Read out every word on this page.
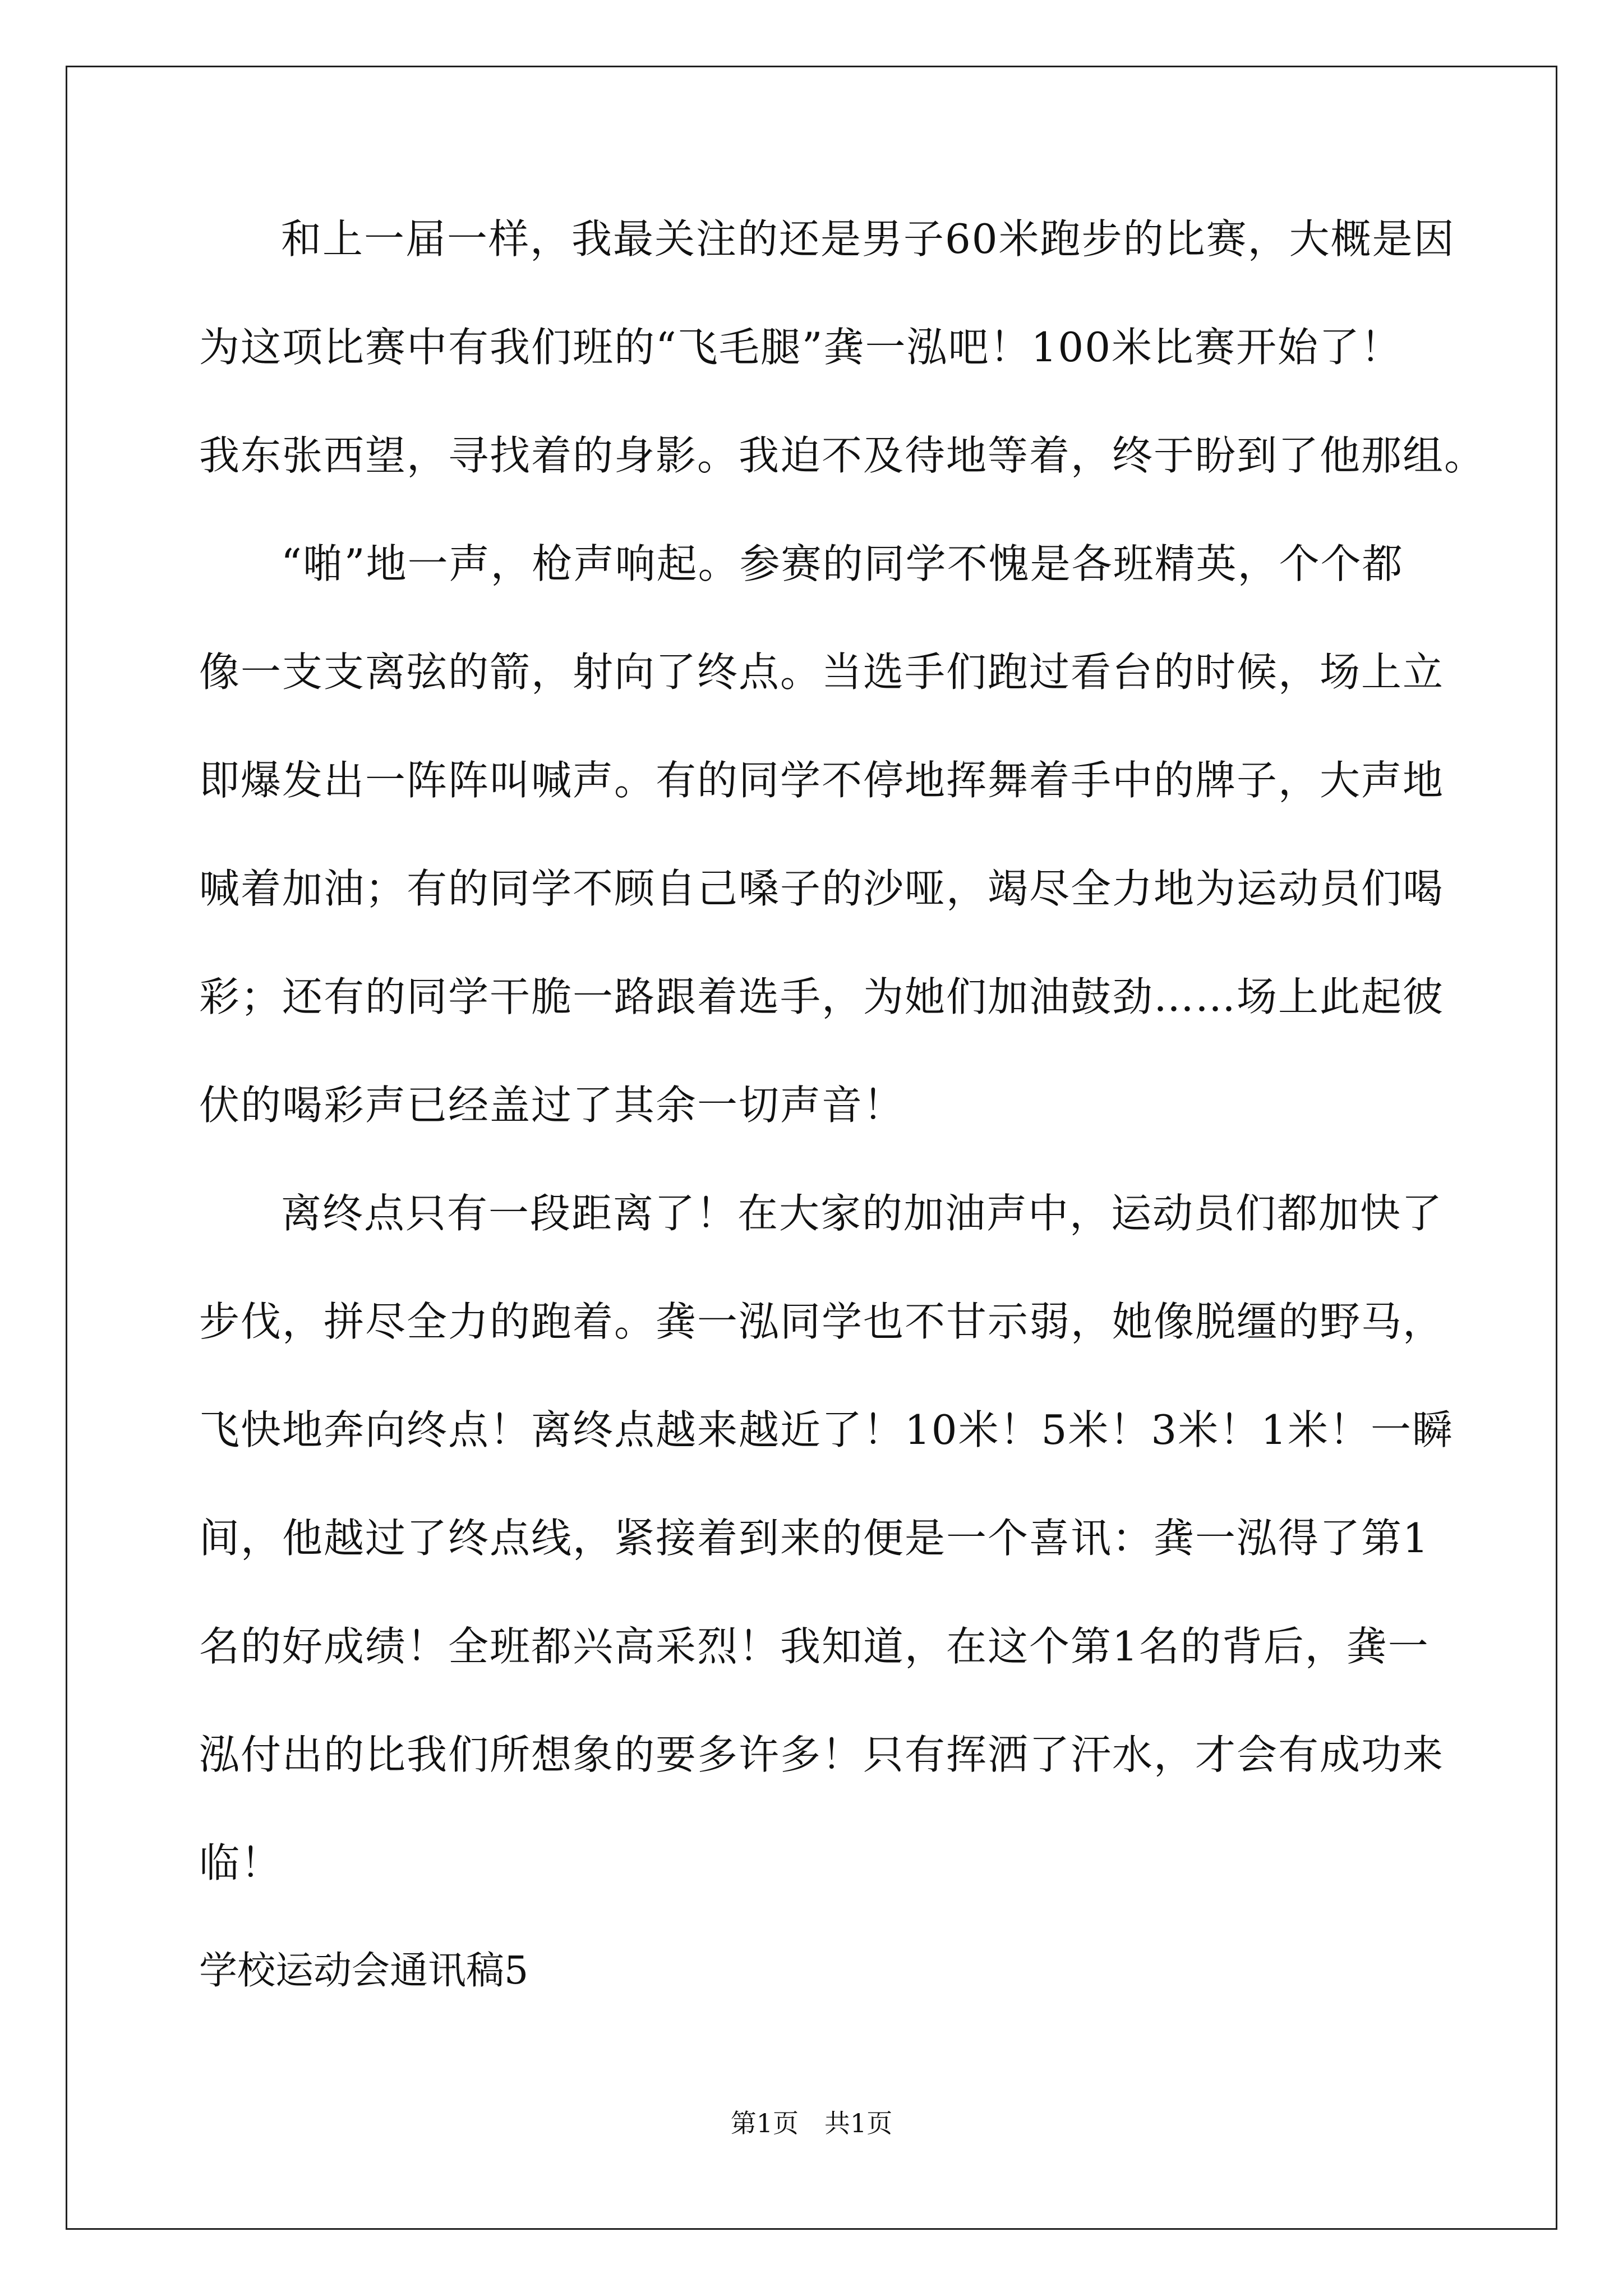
和上一届一样，我最关注的还是男子60米跑步的比赛，大概是因
为这项比赛中有我们班的“飞毛腿”龚一泓吧！100米比赛开始了！
我东张西望，寻找着的身影。我迫不及待地等着，终于盼到了他那组。
“啪”地一声，枪声响起。参赛的同学不愧是各班精英，个个都
像一支支离弦的箭，射向了终点。当选手们跑过看台的时候，场上立
即爆发出一阵阵叫喊声。有的同学不停地挥舞着手中的牌子，大声地
喊着加油；有的同学不顾自己嗓子的沙哑，竭尽全力地为运动员们喝
彩；还有的同学干脆一路跟着选手，为她们加油鼓劲……场上此起彼
伏的喝彩声已经盖过了其余一切声音！
离终点只有一段距离了！在大家的加油声中，运动员们都加快了
步伐，拼尽全力的跑着。龚一泓同学也不甘示弱，她像脱缰的野马，
飞快地奔向终点！离终点越来越近了！10米！5米！3米！1米！一瞬
间，他越过了终点线，紧接着到来的便是一个喜讯：龚一泓得了第1
名的好成绩！全班都兴高采烈！我知道，在这个第1名的背后，龚一
泓付出的比我们所想象的要多许多！只有挥洒了汗水，才会有成功来
临！
学校运动会通讯稿5
第1页　共1页
